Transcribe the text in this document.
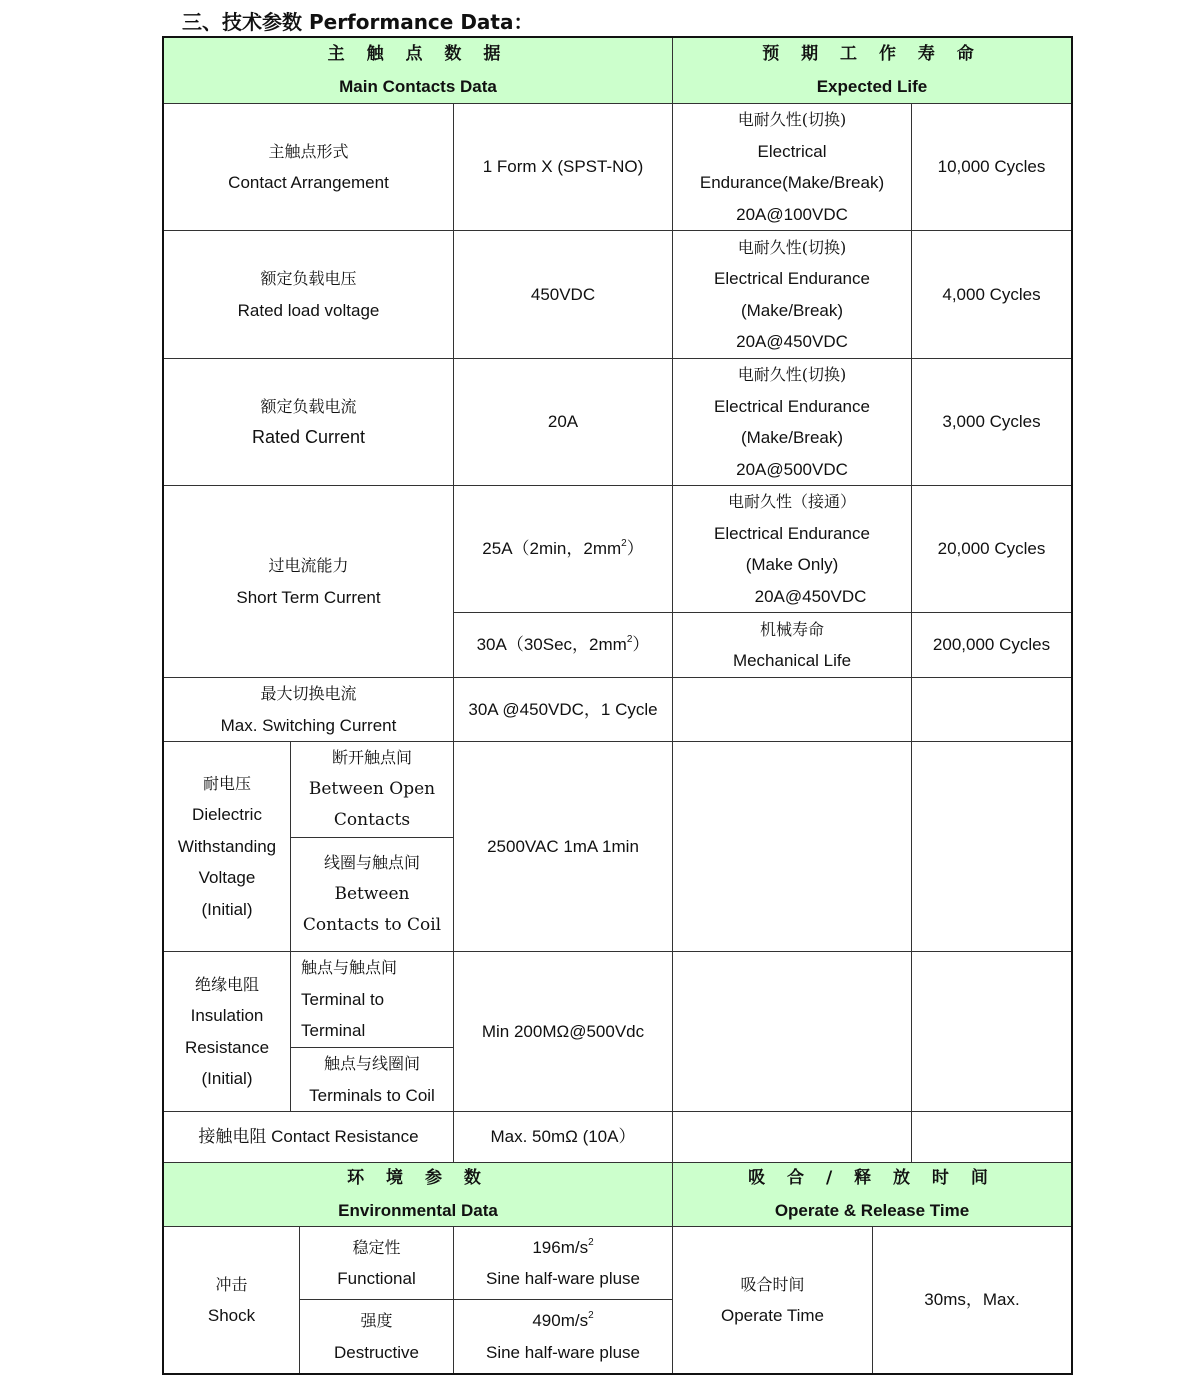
三、技术参数 Performance Data：
主 触 点 数 据
Main Contacts Data
预 期 工 作 寿 命
Expected Life
主触点形式
Contact Arrangement
1 Form X (SPST-NO)
电耐久性(切换)
Electrical
Endurance(Make/Break)
20A@100VDC
10,000 Cycles
额定负载电压
Rated load voltage
450VDC
电耐久性(切换)
Electrical Endurance
(Make/Break)
20A@450VDC
4,000 Cycles
额定负载电流
Rated Current
20A
电耐久性(切换)
Electrical Endurance
(Make/Break)
20A@500VDC
3,000 Cycles
过电流能力
Short Term Current
25A（2min，$2mm^2$）
电耐久性（接通）
Electrical Endurance
(Make Only)
20A@450VDC
20,000 Cycles
30A（30Sec，$2mm^2$）
机械寿命
Mechanical Life
200,000 Cycles
最大切换电流
Max. Switching Current
30A @450VDC，1 Cycle
耐电压
Dielectric
Withstanding
Voltage
(Initial)
断开触点间
Between Open
Contacts
线圈与触点间
Between
Contacts to Coil
2500VAC 1mA 1min
绝缘电阻
Insulation
Resistance
(Initial)
触点与触点间
Terminal to
Terminal
触点与线圈间
Terminals to Coil
Min 200MΩ@500Vdc
接触电阻 Contact Resistance	Max. 50mΩ (10A）
环 境 参 数
Environmental Data
吸 合 / 释 放 时 间
Operate & Release Time
冲击
Shock
稳定性
Functional
$196m/s^2$
Sine half-ware pluse
强度
Destructive
$490m/s^2$
Sine half-ware pluse
吸合时间
Operate Time
30ms，Max.
